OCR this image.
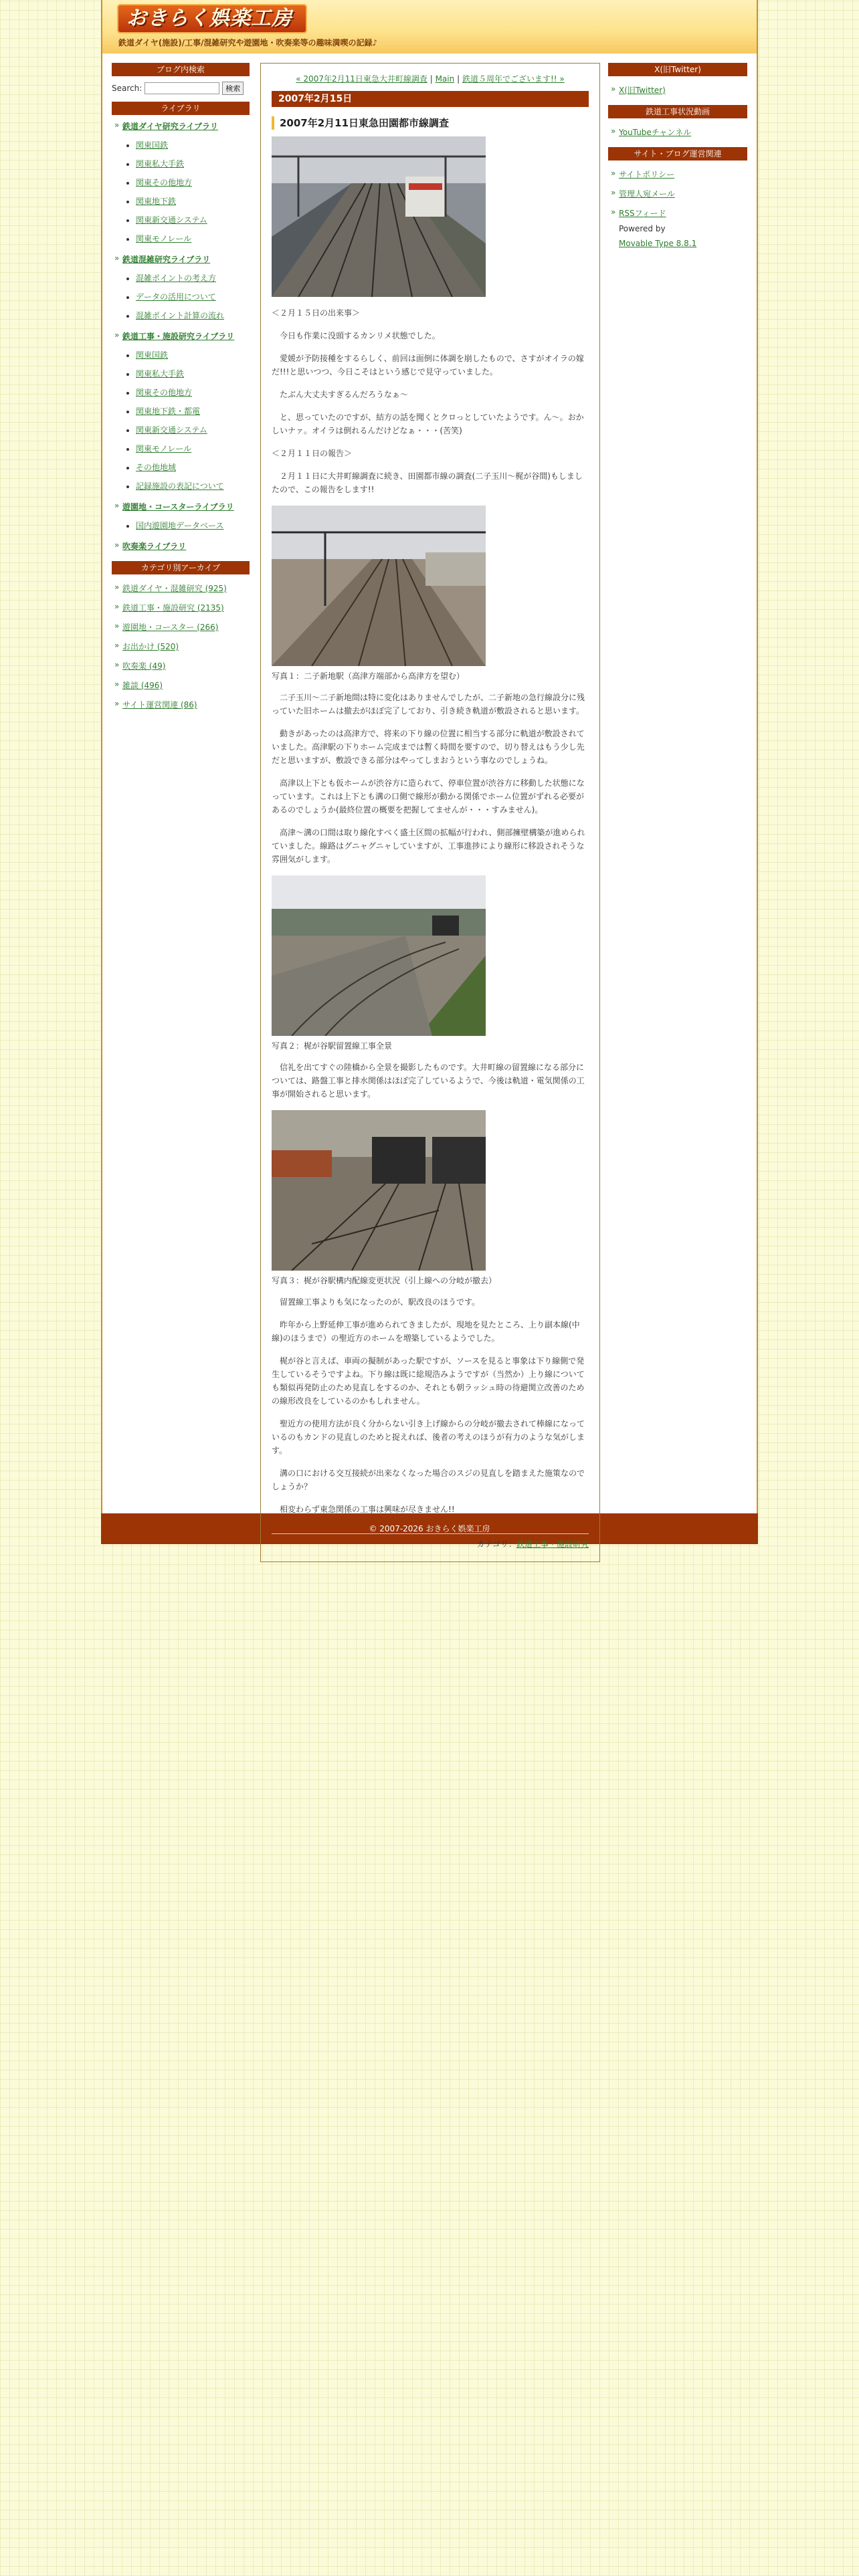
おきらく娯楽工房
鉄道ダイヤ(施設)/工事/混雑研究や遊園地・吹奏楽等の趣味満喫の記録♪
ブログ内検索
Search:	検索
ライブラリ
» 鉄道ダイヤ研究ライブラリ
• 関東国鉄
• 関東私大手鉄
• 関東その他地方
• 関東地下鉄
• 関東新交通システム
• 関東モノレール
» 鉄道混雑研究ライブラリ
• 混雑ポイントの考え方
• データの活用について
• 混雑ポイント計算の流れ
» 鉄道工事・施設研究ライブラリ
• 関東国鉄
• 関東私大手鉄
• 関東その他地方
• 関東地下鉄・都電
• 関東新交通システム
• 関東モノレール
• その他地域
• 記録施設の表記について
» 遊園地・コースターライブラリ
• 国内遊園地データベース
» 吹奏楽ライブラリ
カテゴリ別アーカイブ
» 鉄道ダイヤ・混雑研究 (925)
» 鉄道工事・施設研究 (2135)
» 遊園地・コースター (266)
» お出かけ (520)
» 吹奏楽 (49)
» 雑談 (496)
» サイト運営関連 (86)
« 2007年2月11日東急大井町線調査 | Main | 鉄道５周年でございます!! »
2007年2月15日
2007年2月11日東急田園都市線調査

＜２月１５日の出来事＞

　今日も作業に没頭するカンリメ状態でした。

　愛媛が予防接種をするらしく、前回は面倒に体調を崩したもので、さすがオイラの嫁だ!!!と思いつつ、今日こそはという感じで見守っていました。

　たぶん大丈夫すぎるんだろうなぁ～

　と、思っていたのですが、結方の話を聞くとクロっとしていたようです。ん～。おかしいナァ。オイラは倒れるんだけどなぁ・・・(苦笑)

＜２月１１日の報告＞

　２月１１日に大井町線調査に続き、田園都市線の調査(二子玉川～梶が谷間)もしましたので、この報告をします!!

写真１：二子新地駅（高津方端部から高津方を望む）

　二子玉川～二子新地間は特に変化はありませんでしたが、二子新地の急行線設分に残っていた旧ホームは撤去がほぼ完了しており、引き続き軌道が敷設されると思います。

　動きがあったのは高津方で、将来の下り線の位置に相当する部分に軌道が敷設されていました。高津駅の下りホーム完成までは暫く時間を要すので、切り替えはもう少し先だと思いますが、敷設できる部分はやってしまおうという事なのでしょうね。

　高津以上下とも仮ホームが渋谷方に造られて、停車位置が渋谷方に移動した状態になっています。これは上下とも溝の口側で線形が動かる関係でホーム位置がずれる必要があるのでしょうか(最終位置の概要を把握してませんが・・・すみません)。

　高津～溝の口間は取り線化すべく盛土区間の拡幅が行われ、側部擁壁構築が進められていました。線路はグニャグニャしていますが、工事進捗により線形に移設されそうな雰囲気がします。

写真２：梶が谷駅留置線工事全景

　信礼を出てすぐの陸橋から全景を撮影したものです。大井町線の留置線になる部分については、路盤工事と排水関係はほぼ完了しているようで、今後は軌道・電気関係の工事が開始されると思います。

写真３：梶が谷駅構内配線変更状況（引上線への分岐が撤去）

　留置線工事よりも気になったのが、駅改良のほうです。

　昨年から上野延伸工事が進められてきましたが、現地を見たところ、上り副本線(中線)のほうまで）の聖近方のホームを増築しているようでした。

　梶が谷と言えば、車両の擬制があった駅ですが、ソースを見ると事象は下り線側で発生しているそうですよね。下り線は既に総規浩みようですが（当然か）上り線についても類似再発防止のため見直しをするのか、それとも朝ラッシュ時の待避関立改善のための線形改良をしているのかもしれません。

　聖近方の使用方法が良く分からない引き上げ線からの分岐が撤去されて棒線になっているのもカンドの見直しのためと捉えれば、後者の考えのほうが有力のような気がします。

　溝の口における交互接続が出来なくなった場合のスジの見直しを踏まえた施策なのでしょうか？

　相変わらず東急関係の工事は興味が尽きません!!

カテゴリ：鉄道工事・施設研究
X(旧Twitter)
» X(旧Twitter)
鉄道工事状況動画
» YouTubeチャンネル
サイト・ブログ運営関連
» サイトポリシー
» 管理人宛メール
» RSSフィード
Powered by
Movable Type 8.8.1
© 2007-2026 おきらく娯楽工房
